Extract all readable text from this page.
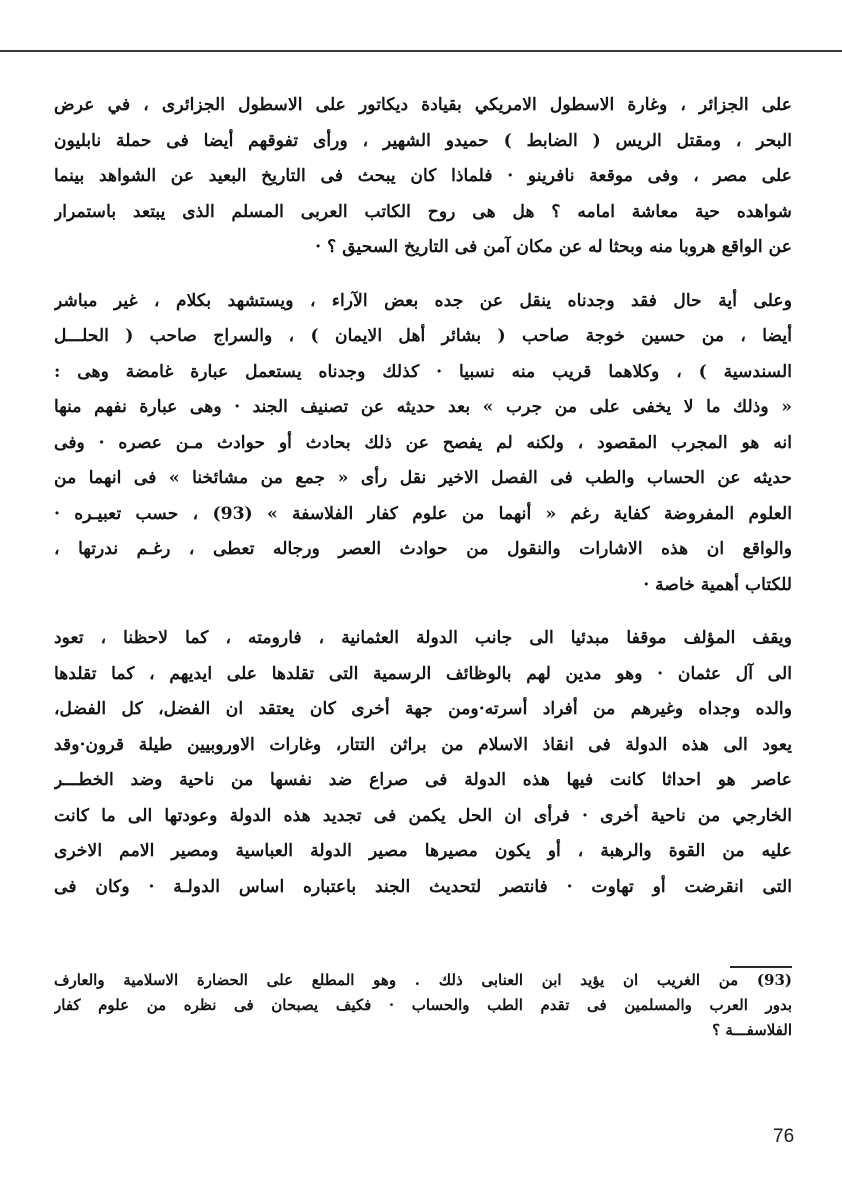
على الجزائر ، وغارة الاسطول الامريكي بقيادة ديكاتور على الاسطول الجزائرى ، في عرض
البحر ، ومقتل الريس ( الضابط ) حميدو الشهير ، ورأى تفوقهم أيضا فى حملة نابليون
على مصر ، وفى موقعة نافرينو · فلماذا كان يبحث فى التاريخ البعيد عن الشواهد بينما
شواهده حية معاشة امامه ؟ هل هى روح الكاتب العربى المسلم الذى يبتعد باستمرار
عن الواقع هروبا منه وبحثا له عن مكان آمن فى التاريخ السحيق ؟ ·

وعلى أية حال فقد وجدناه ينقل عن جده بعض الآراء ، ويستشهد بكلام ، غير مباشر
أيضا ، من حسين خوجة صاحب ( بشائر أهل الايمان ) ، والسراج صاحب ( الحلـــل
السندسية ) ، وكلاهما قريب منه نسبيا · كذلك وجدناه يستعمل عبارة غامضة وهى :
« وذلك ما لا يخفى على من جرب » بعد حديثه عن تصنيف الجند · وهى عبارة نفهم منها
انه هو المجرب المقصود ، ولكنه لم يفصح عن ذلك بحادث أو حوادث مـن عصره · وفى
حديثه عن الحساب والطب فى الفصل الاخير نقل رأى « جمع من مشائخنا » فى انهما من
العلوم المفروضة كفاية رغم « أنهما من علوم كفار الفلاسفة » (93) ، حسب تعبيـره ·
والواقع ان هذه الاشارات والنقول من حوادث العصر ورجاله تعطى ، رغـم ندرتها ،
للكتاب أهمية خاصة ·

ويقف المؤلف موقفا مبدئيا الى جانب الدولة العثمانية ، فارومته ، كما لاحظنا ، تعود
الى آل عثمان · وهو مدين لهم بالوظائف الرسمية التى تقلدها على ايديهم ، كما تقلدها
والده وجداه وغيرهم من أفراد أسرته·ومن جهة أخرى كان يعتقد ان الفضل، كل الفضل،
يعود الى هذه الدولة فى انقاذ الاسلام من براثن التتار، وغارات الاوروبيين طيلة قرون·وقد
عاصر هو احداثا كانت فيها هذه الدولة فى صراع ضد نفسها من ناحية وضد الخطـــر
الخارجي من ناحية أخرى · فرأى ان الحل يكمن فى تجديد هذه الدولة وعودتها الى ما كانت
عليه من القوة والرهبة ، أو يكون مصيرها مصير الدولة العباسية ومصير الامم الاخرى
التى انقرضت أو تهاوت · فانتصر لتحديث الجند باعتباره اساس الدولـة · وكان فى

(93) من الغريب ان يؤيد ابن العنابى ذلك . وهو المطلع على الحضارة الاسلامية والعارف
بدور العرب والمسلمين فى تقدم الطب والحساب · فكيف يصبحان فى نظره من علوم كفار
الفلاسفـــة ؟
76
